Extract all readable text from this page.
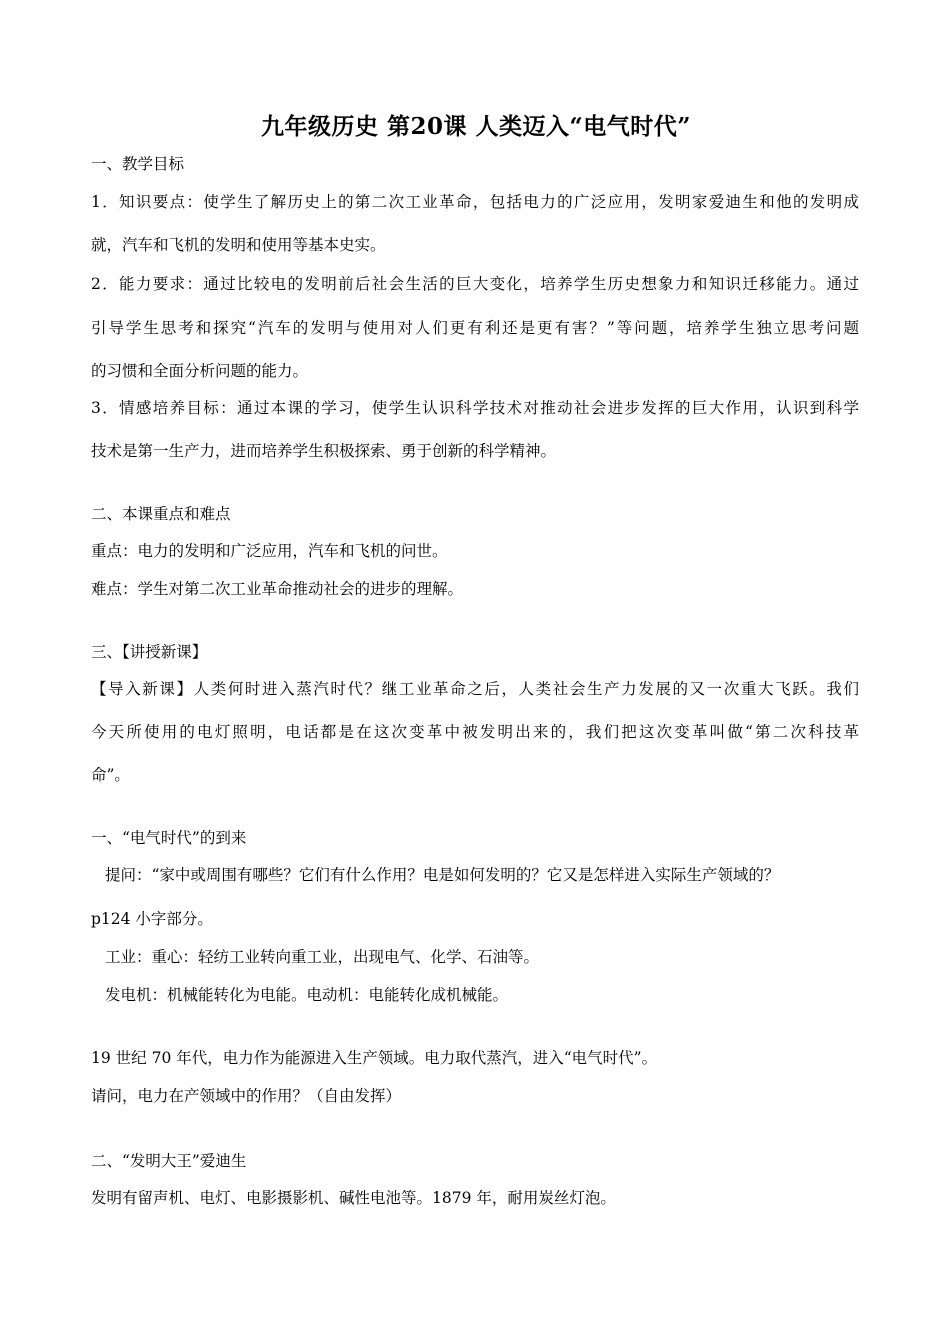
九年级历史 第20课 人类迈入“电气时代”
一、教学目标
1．知识要点：使学生了解历史上的第二次工业革命，包括电力的广泛应用，发明家爱迪生和他的发明成
就，汽车和飞机的发明和使用等基本史实。
2．能力要求：通过比较电的发明前后社会生活的巨大变化，培养学生历史想象力和知识迁移能力。通过
引导学生思考和探究“汽车的发明与使用对人们更有利还是更有害？”等问题，培养学生独立思考问题
的习惯和全面分析问题的能力。
3．情感培养目标：通过本课的学习，使学生认识科学技术对推动社会进步发挥的巨大作用，认识到科学
技术是第一生产力，进而培养学生积极探索、勇于创新的科学精神。
二、本课重点和难点
重点：电力的发明和广泛应用，汽车和飞机的问世。
难点：学生对第二次工业革命推动社会的进步的理解。
三、【讲授新课】
【导入新课】人类何时进入蒸汽时代？继工业革命之后，人类社会生产力发展的又一次重大飞跃。我们
今天所使用的电灯照明，电话都是在这次变革中被发明出来的，我们把这次变革叫做“第二次科技革
命”。
一、“电气时代”的到来
提问：“家中或周围有哪些？它们有什么作用？电是如何发明的？它又是怎样进入实际生产领域的？
p124 小字部分。
工业：重心：轻纺工业转向重工业，出现电气、化学、石油等。
发电机：机械能转化为电能。电动机：电能转化成机械能。
19 世纪 70 年代，电力作为能源进入生产领域。电力取代蒸汽，进入“电气时代”。
请问，电力在产领域中的作用？（自由发挥）
二、“发明大王”爱迪生
发明有留声机、电灯、电影摄影机、碱性电池等。1879 年，耐用炭丝灯泡。
